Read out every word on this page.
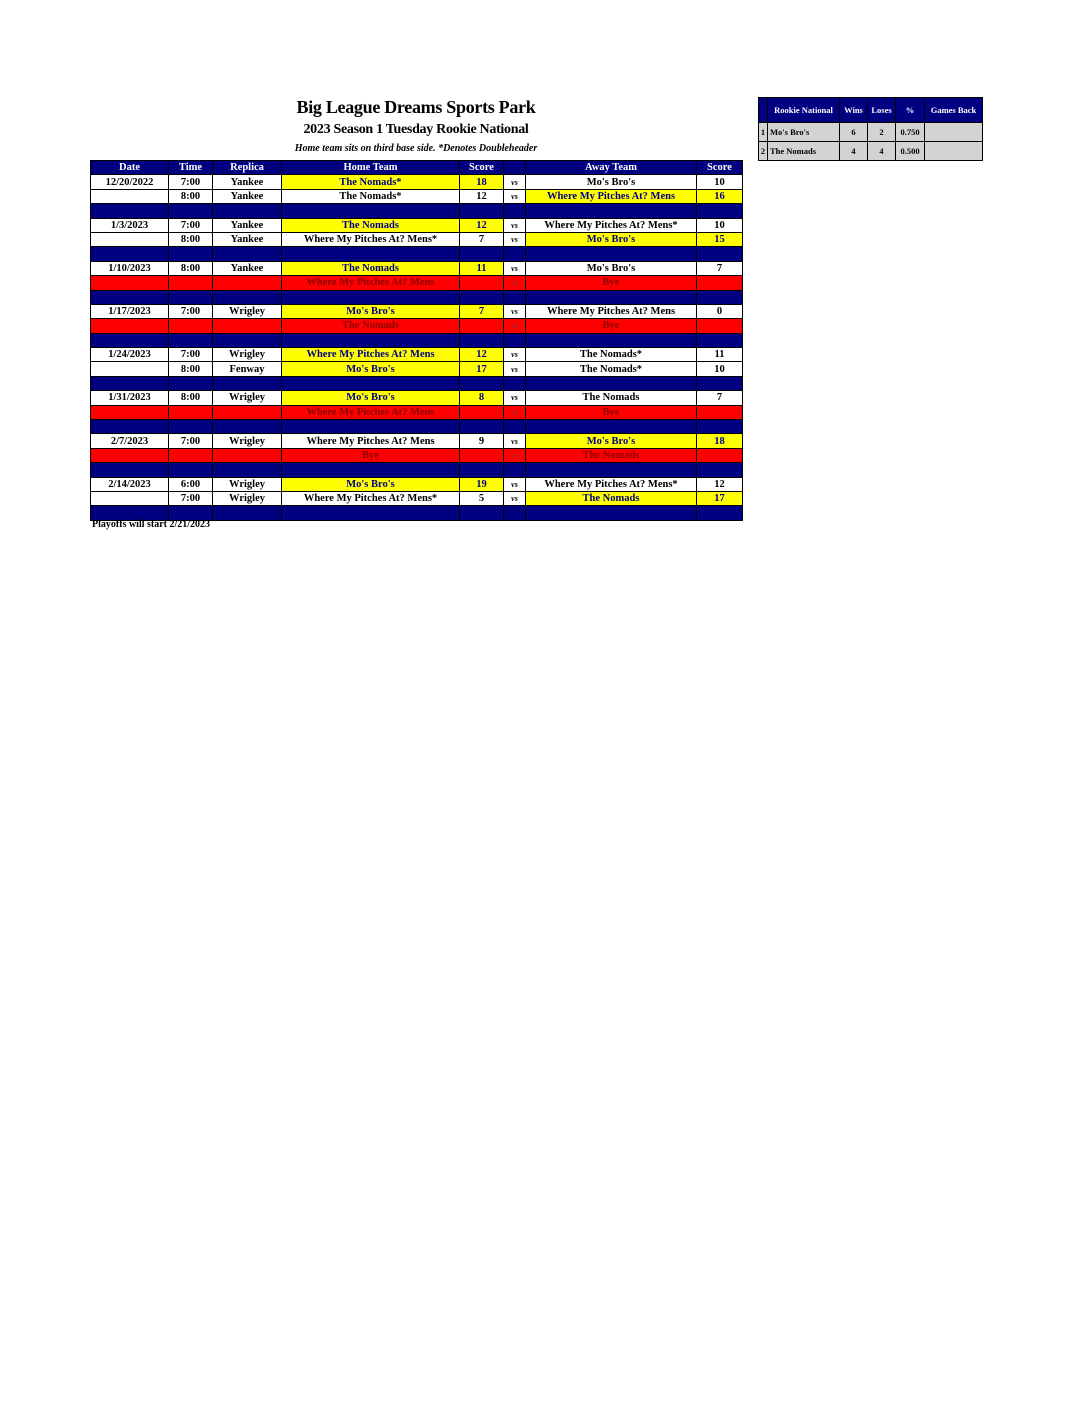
Big League Dreams Sports Park
2023 Season 1 Tuesday Rookie National
Home team sits on third base side. *Denotes Doubleheader
Date	Time	Replica	Home Team	Score		Away Team	Score
12/20/2022	7:00	Yankee	The Nomads*	18	vs	Mo's Bro's	10
	8:00	Yankee	The Nomads*	12	vs	Where My Pitches At? Mens	16

1/3/2023	7:00	Yankee	The Nomads	12	vs	Where My Pitches At? Mens*	10
	8:00	Yankee	Where My Pitches At? Mens*	7	vs	Mo's Bro's	15

1/10/2023	8:00	Yankee	The Nomads	11	vs	Mo's Bro's	7
			Where My Pitches At? Mens		vs	Bye	

1/17/2023	7:00	Wrigley	Mo's Bro's	7	vs	Where My Pitches At? Mens	0
			The Nomads		vs	Bye	

1/24/2023	7:00	Wrigley	Where My Pitches At? Mens	12	vs	The Nomads*	11
	8:00	Fenway	Mo's Bro's	17	vs	The Nomads*	10

1/31/2023	8:00	Wrigley	Mo's Bro's	8	vs	The Nomads	7
			Where My Pitches At? Mens		vs	Bye	

2/7/2023	7:00	Wrigley	Where My Pitches At? Mens	9	vs	Mo's Bro's	18
			Bye		vs	The Nomads	

2/14/2023	6:00	Wrigley	Mo's Bro's	19	vs	Where My Pitches At? Mens*	12
	7:00	Wrigley	Where My Pitches At? Mens*	5	vs	The Nomads	17

Playoffs will start 2/21/2023
	Rookie National	Wins	Loses	%	Games Back
1	Mo's Bro's	6	2	0.750	
2	The Nomads	4	4	0.500	
